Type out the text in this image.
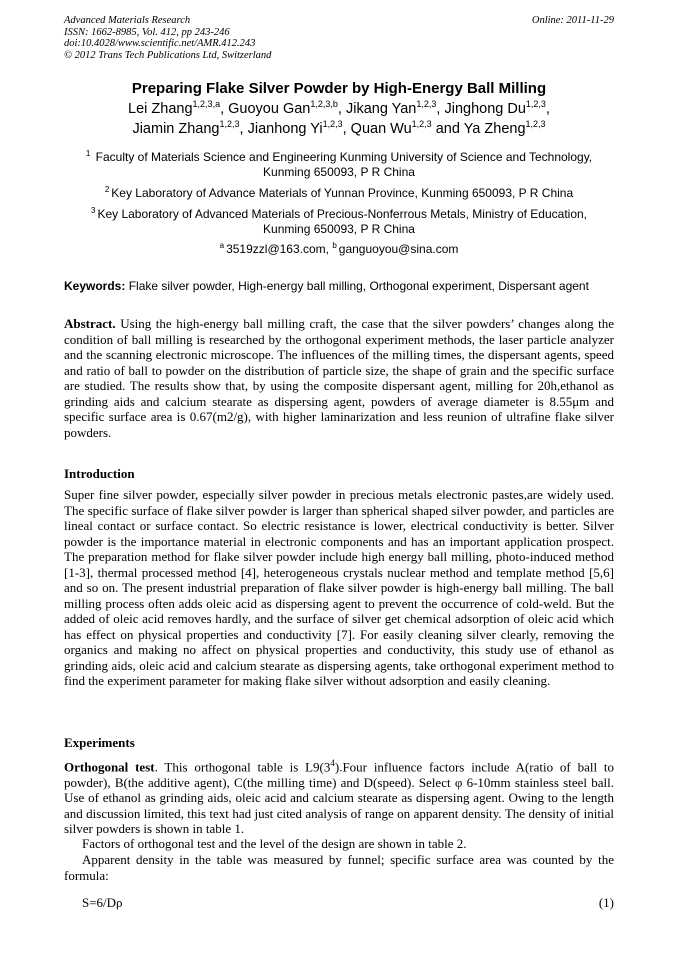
Advanced Materials Research
ISSN: 1662-8985, Vol. 412, pp 243-246
doi:10.4028/www.scientific.net/AMR.412.243
© 2012 Trans Tech Publications Ltd, Switzerland
Online: 2011-11-29
Preparing Flake Silver Powder by High-Energy Ball Milling
Lei Zhang$^{1,2,3,a}$, Guoyou Gan$^{1,2,3,b}$, Jikang Yan$^{1,2,3}$, Jinghong Du$^{1,2,3}$,
Jiamin Zhang$^{1,2,3}$, Jianhong Yi$^{1,2,3}$, Quan Wu$^{1,2,3}$ and Ya Zheng$^{1,2,3}$
$^1$ Faculty of Materials Science and Engineering Kunming University of Science and Technology,
Kunming 650093, P R China
$^2$ Key Laboratory of Advance Materials of Yunnan Province, Kunming 650093, P R China
$^3$ Key Laboratory of Advanced Materials of Precious-Nonferrous Metals, Ministry of Education,
Kunming 650093, P R China
$^a$ 3519zzl@163.com, $^b$ ganguoyou@sina.com
Keywords: Flake silver powder, High-energy ball milling, Orthogonal experiment, Dispersant agent
Abstract. Using the high-energy ball milling craft, the case that the silver powders’ changes along the condition of ball milling is researched by the orthogonal experiment methods, the laser particle analyzer and the scanning electronic microscope. The influences of the milling times, the dispersant agents, speed and ratio of ball to powder on the distribution of particle size, the shape of grain and the specific surface are studied. The results show that, by using the composite dispersant agent, milling for 20h,ethanol as grinding aids and calcium stearate as dispersing agent, powders of average diameter is 8.55μm and specific surface area is 0.67(m2/g), with higher laminarization and less reunion of ultrafine flake silver powders.
Introduction
Super fine silver powder, especially silver powder in precious metals electronic pastes,are widely used. The specific surface of flake silver powder is larger than spherical shaped silver powder, and particles are lineal contact or surface contact. So electric resistance is lower, electrical conductivity is better. Silver powder is the importance material in electronic components and has an important application prospect. The preparation method for flake silver powder include high energy ball milling, photo-induced method [1-3], thermal processed method [4], heterogeneous crystals nuclear method and template method [5,6] and so on. The present industrial preparation of flake silver powder is high-energy ball milling. The ball milling process often adds oleic acid as dispersing agent to prevent the occurrence of cold-weld. But the added of oleic acid removes hardly, and the surface of silver get chemical adsorption of oleic acid which has effect on physical properties and conductivity [7]. For easily cleaning silver clearly, removing the organics and making no affect on physical properties and conductivity, this study use of ethanol as grinding aids, oleic acid and calcium stearate as dispersing agents, take orthogonal experiment method to find the experiment parameter for making flake silver without adsorption and easily cleaning.
Experiments
Orthogonal test. This orthogonal table is $L9(3^4).Four$ influence factors include A(ratio of ball to powder), B(the additive agent), C(the milling time) and D(speed). Select φ 6-10mm stainless steel ball. Use of ethanol as grinding aids, oleic acid and calcium stearate as dispersing agent. Owing to the length and discussion limited, this text had just cited analysis of range on apparent density. The density of initial silver powders is shown in table 1.
Factors of orthogonal test and the level of the design are shown in table 2.
Apparent density in the table was measured by funnel; specific surface area was counted by the formula:
S=6/Dρ	(1)
